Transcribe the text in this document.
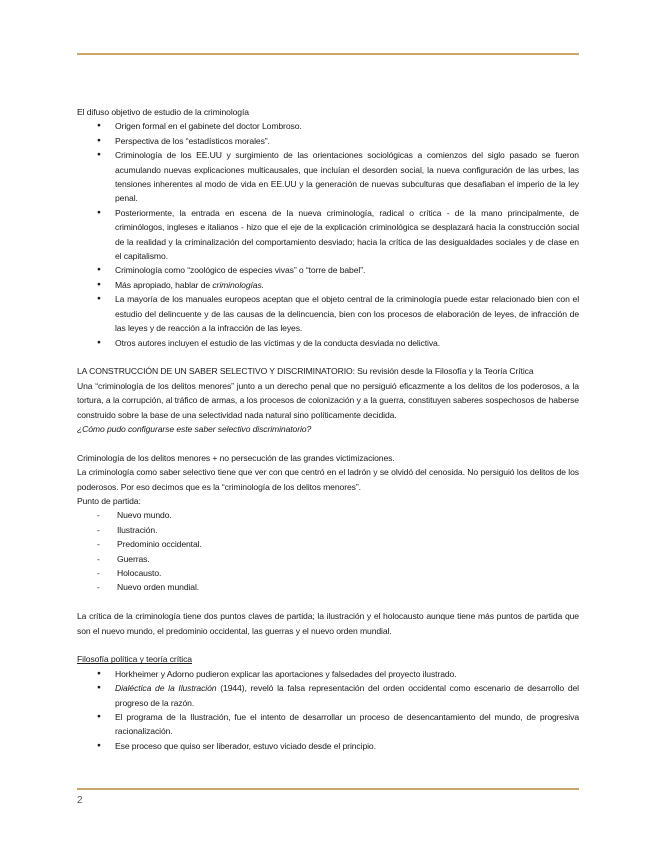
El difuso objetivo de estudio de la criminología

● Origen formal en el gabinete del doctor Lombroso.
● Perspectiva de los “estadísticos morales”.
● Criminología de los EE.UU y surgimiento de las orientaciones sociológicas a comienzos del siglo pasado se fueron acumulando nuevas explicaciones multicausales, que incluían el desorden social, la nueva configuración de las urbes, las tensiones inherentes al modo de vida en EE.UU y la generación de nuevas subculturas que desafiaban el imperio de la ley penal.
● Posteriormente, la entrada en escena de la nueva criminología, radical o crítica - de la mano principalmente, de criminólogos, ingleses e italianos - hizo que el eje de la explicación criminológica se desplazará hacia la construcción social de la realidad y la criminalización del comportamiento desviado; hacia la crítica de las desigualdades sociales y de clase en el capitalismo.
● Criminología como “zoológico de especies vivas” o “torre de babel”.
● Más apropiado, hablar de criminologías.
● La mayoría de los manuales europeos aceptan que el objeto central de la criminología puede estar relacionado bien con el estudio del delincuente y de las causas de la delincuencia, bien con los procesos de elaboración de leyes, de infracción de las leyes y de reacción a la infracción de las leyes.
● Otros autores incluyen el estudio de las víctimas y de la conducta desviada no delictiva.

LA CONSTRUCCIÓN DE UN SABER SELECTIVO Y DISCRIMINATORIO: Su revisión desde la Filosofía y la Teoría Crítica

Una “criminología de los delitos menores” junto a un derecho penal que no persiguió eficazmente a los delitos de los poderosos, a la tortura, a la corrupción, al tráfico de armas, a los procesos de colonización y a la guerra, constituyen saberes sospechosos de haberse construido sobre la base de una selectividad nada natural sino políticamente decidida.

¿Cómo pudo configurarse este saber selectivo discriminatorio?

Criminología de los delitos menores + no persecución de las grandes victimizaciones.

La criminología como saber selectivo tiene que ver con que centró en el ladrón y se olvidó del cenosida. No persiguió los delitos de los poderosos. Por eso decimos que es la “criminología de los delitos menores”.

Punto de partida:

- Nuevo mundo.
- Ilustración.
- Predominio occidental.
- Guerras.
- Holocausto.
- Nuevo orden mundial.

La crítica de la criminología tiene dos puntos claves de partida; la ilustración y el holocausto aunque tiene más puntos de partida que son el nuevo mundo, el predominio occidental, las guerras y el nuevo orden mundial.

Filosofía política y teoría crítica

● Horkheimer y Adorno pudieron explicar las aportaciones y falsedades del proyecto ilustrado.
● Dialéctica de la Ilustración (1944), reveló la falsa representación del orden occidental como escenario de desarrollo del progreso de la razón.
● El programa de la Ilustración, fue el intento de desarrollar un proceso de desencantamiento del mundo, de progresiva racionalización.
● Ese proceso que quiso ser liberador, estuvo viciado desde el principio.
2
